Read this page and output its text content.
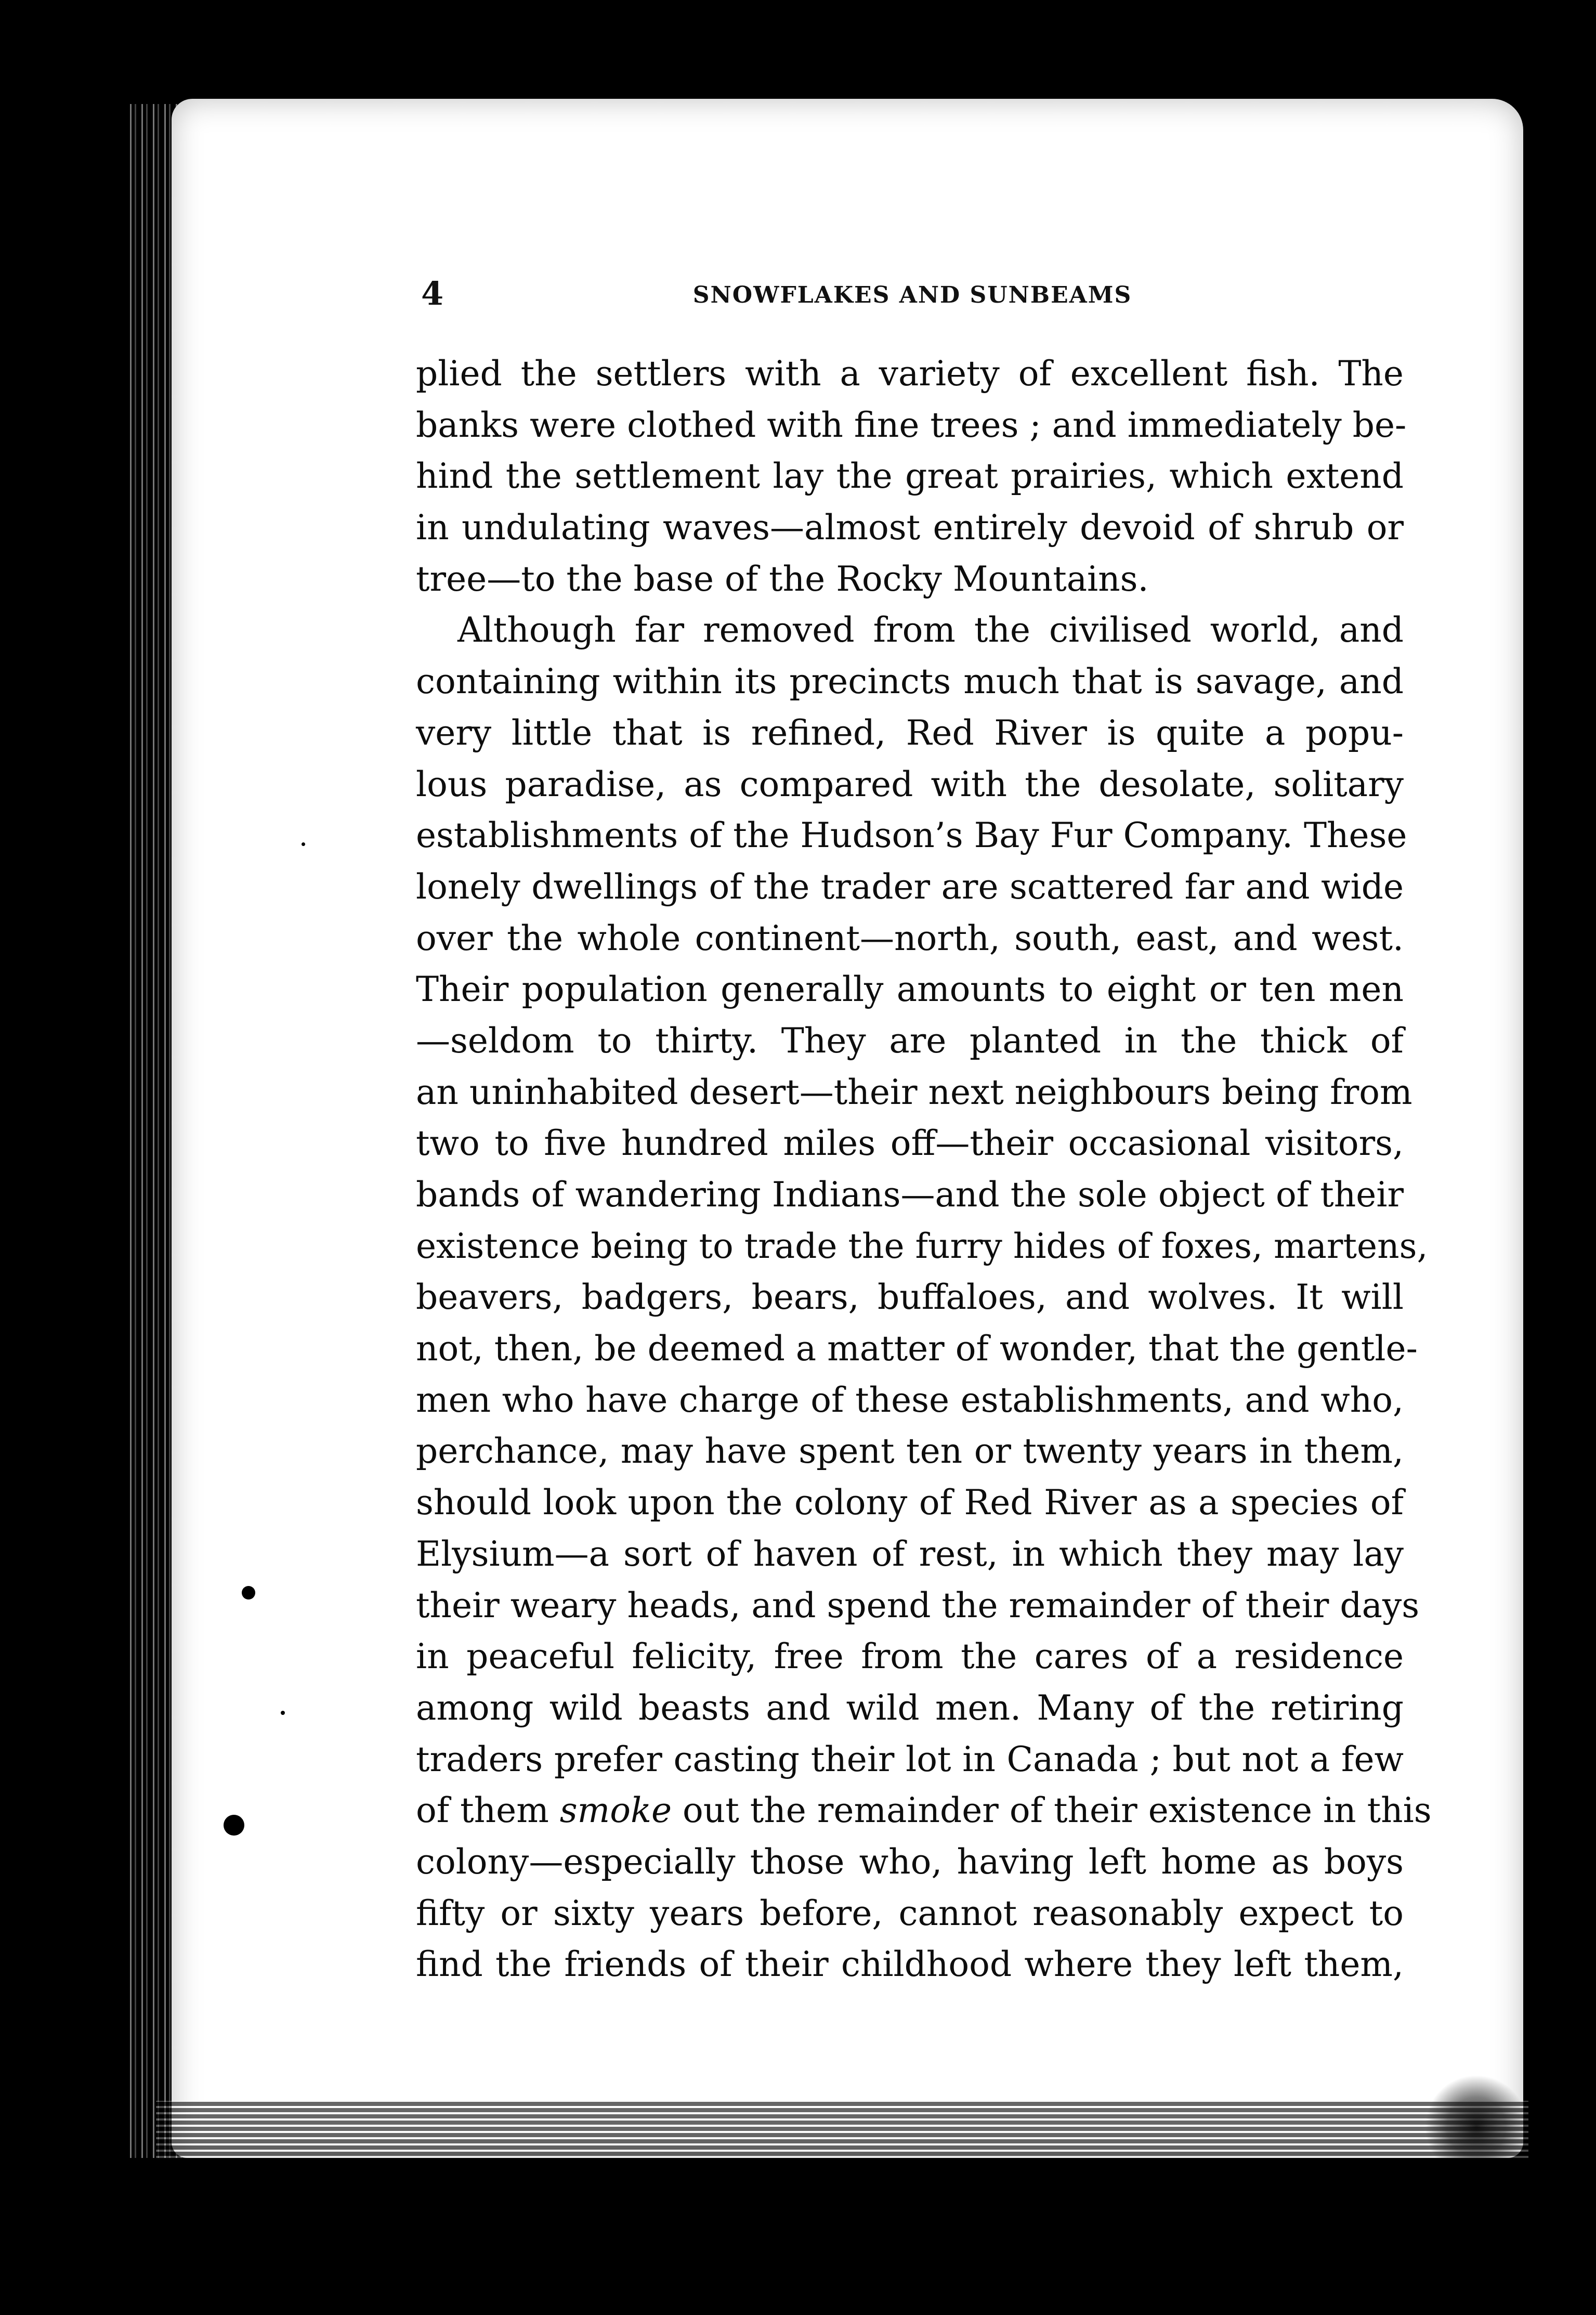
4	SNOWFLAKES AND SUNBEAMS
plied the settlers with a variety of excellent fish. The
banks were clothed with fine trees ; and immediately be-
hind the settlement lay the great prairies, which extend
in undulating waves—almost entirely devoid of shrub or
tree—to the base of the Rocky Mountains.
Although far removed from the civilised world, and
containing within its precincts much that is savage, and
very little that is refined, Red River is quite a popu-
lous paradise, as compared with the desolate, solitary
establishments of the Hudson’s Bay Fur Company. These
lonely dwellings of the trader are scattered far and wide
over the whole continent—north, south, east, and west.
Their population generally amounts to eight or ten men
—seldom to thirty. They are planted in the thick of
an uninhabited desert—their next neighbours being from
two to five hundred miles off—their occasional visitors,
bands of wandering Indians—and the sole object of their
existence being to trade the furry hides of foxes, martens,
beavers, badgers, bears, buffaloes, and wolves. It will
not, then, be deemed a matter of wonder, that the gentle-
men who have charge of these establishments, and who,
perchance, may have spent ten or twenty years in them,
should look upon the colony of Red River as a species of
Elysium—a sort of haven of rest, in which they may lay
their weary heads, and spend the remainder of their days
in peaceful felicity, free from the cares of a residence
among wild beasts and wild men. Many of the retiring
traders prefer casting their lot in Canada ; but not a few
of them smoke out the remainder of their existence in this
colony—especially those who, having left home as boys
fifty or sixty years before, cannot reasonably expect to
find the friends of their childhood where they left them,
